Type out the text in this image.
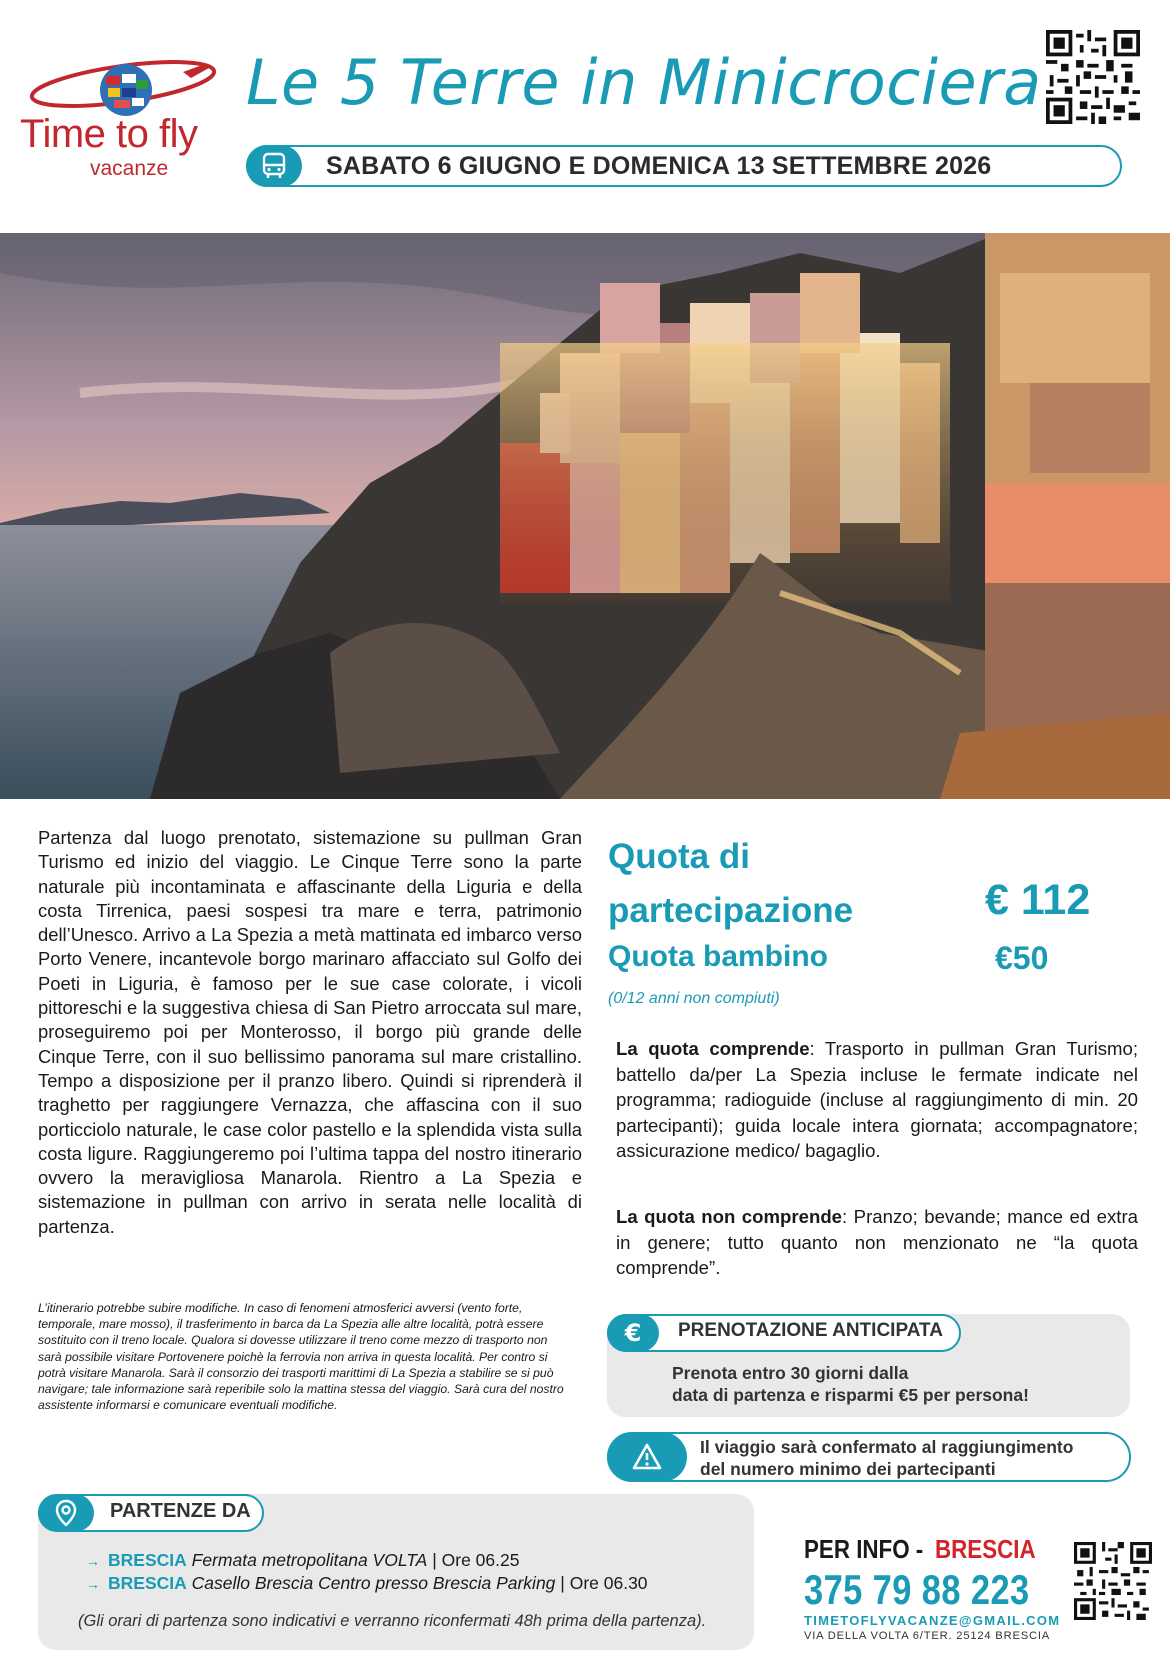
Time to fly
vacanze
Le 5 Terre in Minicrociera
SABATO 6 GIUGNO E DOMENICA 13 SETTEMBRE 2026
Partenza dal luogo prenotato, sistemazione su pullman Gran Turismo ed inizio del viaggio. Le Cinque Terre sono la parte naturale più incontaminata e affascinante della Liguria e della costa Tirrenica, paesi sospesi tra mare e terra, patrimonio dell’Unesco. Arrivo a La Spezia a metà mattinata ed imbarco verso Porto Venere, incantevole borgo marinaro affacciato sul Golfo dei Poeti in Liguria, è famoso per le sue case colorate, i vicoli pittoreschi e la suggestiva chiesa di San Pietro arroccata sul mare, proseguiremo poi per Monterosso, il borgo più grande delle Cinque Terre, con il suo bellissimo panorama sul mare cristallino. Tempo a disposizione per il pranzo libero. Quindi si riprenderà il traghetto per raggiungere Vernazza, che affascina con il suo porticciolo naturale, le case color pastello e la splendida vista sulla costa ligure. Raggiungeremo poi l’ultima tappa del nostro itinerario ovvero la meravigliosa Manarola. Rientro a La Spezia e sistemazione in pullman con arrivo in serata nelle località di partenza.
L’itinerario potrebbe subire modifiche. In caso di fenomeni atmosferici avversi (vento forte, temporale, mare mosso), il trasferimento in barca da La Spezia alle altre località, potrà essere sostituito con il treno locale. Qualora si dovesse utilizzare il treno come mezzo di trasporto non sarà possibile visitare Portovenere poichè la ferrovia non arriva in questa località. Per contro si potrà visitare Manarola. Sarà il consorzio dei trasporti marittimi di La Spezia a stabilire se si può navigare; tale informazione sarà reperibile solo la mattina stessa del viaggio. Sarà cura del nostro assistente informarsi e comunicare eventuali modifiche.
Quota di partecipazione	€ 112
Quota bambino	€50
(0/12 anni non compiuti)
La quota comprende: Trasporto in pullman Gran Turismo; battello da/per La Spezia incluse le fermate indicate nel programma; radioguide (incluse al raggiungimento di min. 20 partecipanti); guida locale intera giornata; accompagnatore; assicurazione medico/ bagaglio.
La quota non comprende: Pranzo; bevande; mance ed extra in genere; tutto quanto non menzionato ne “la quota comprende”.
€	PRENOTAZIONE ANTICIPATA
Prenota entro 30 giorni dalla
data di partenza e risparmi €5 per persona!
Il viaggio sarà confermato al raggiungimento
del numero minimo dei partecipanti
PARTENZE DA
→ BRESCIA Fermata metropolitana VOLTA | Ore 06.25
→ BRESCIA Casello Brescia Centro presso Brescia Parking | Ore 06.30
(Gli orari di partenza sono indicativi e verranno riconfermati 48h prima della partenza).
PER INFO - BRESCIA
375 79 88 223
TIMETOFLYVACANZE@GMAIL.COM
VIA DELLA VOLTA 6/TER. 25124 BRESCIA
